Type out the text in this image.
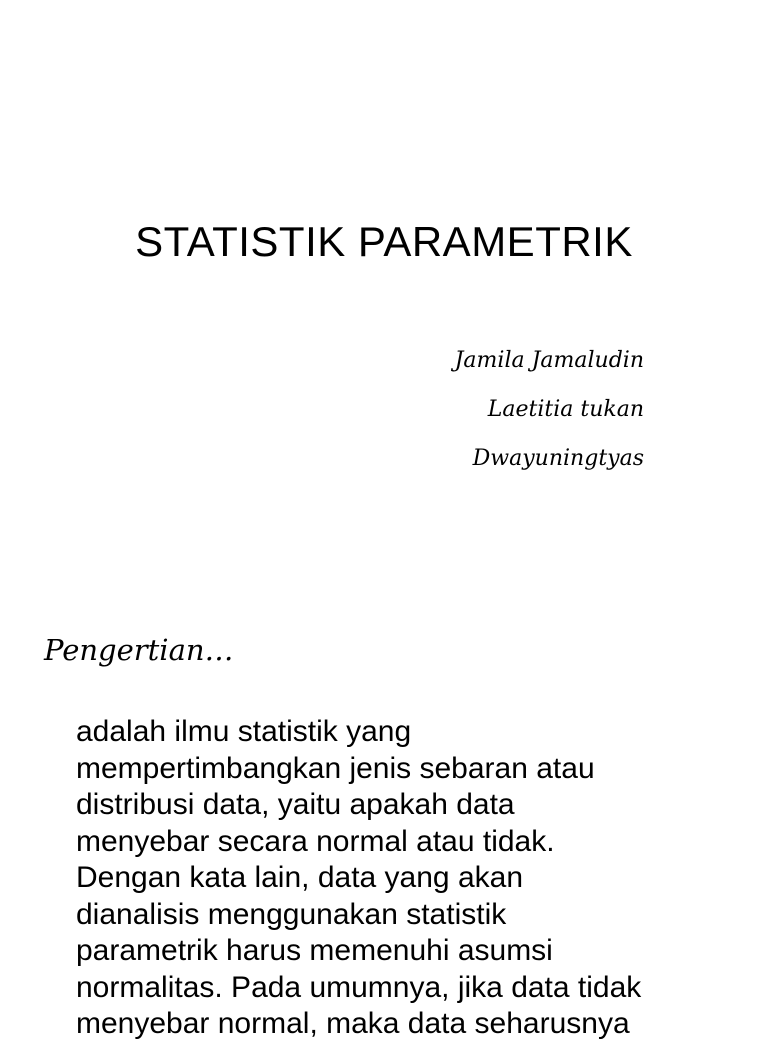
STATISTIK PARAMETRIK
Jamila Jamaludin
Laetitia tukan
Dwayuningtyas
Pengertian…
adalah ilmu statistik yang
mempertimbangkan jenis sebaran atau
distribusi data, yaitu apakah data
menyebar secara normal atau tidak.
Dengan kata lain, data yang akan
dianalisis menggunakan statistik
parametrik harus memenuhi asumsi
normalitas. Pada umumnya, jika data tidak
menyebar normal, maka data seharusnya
